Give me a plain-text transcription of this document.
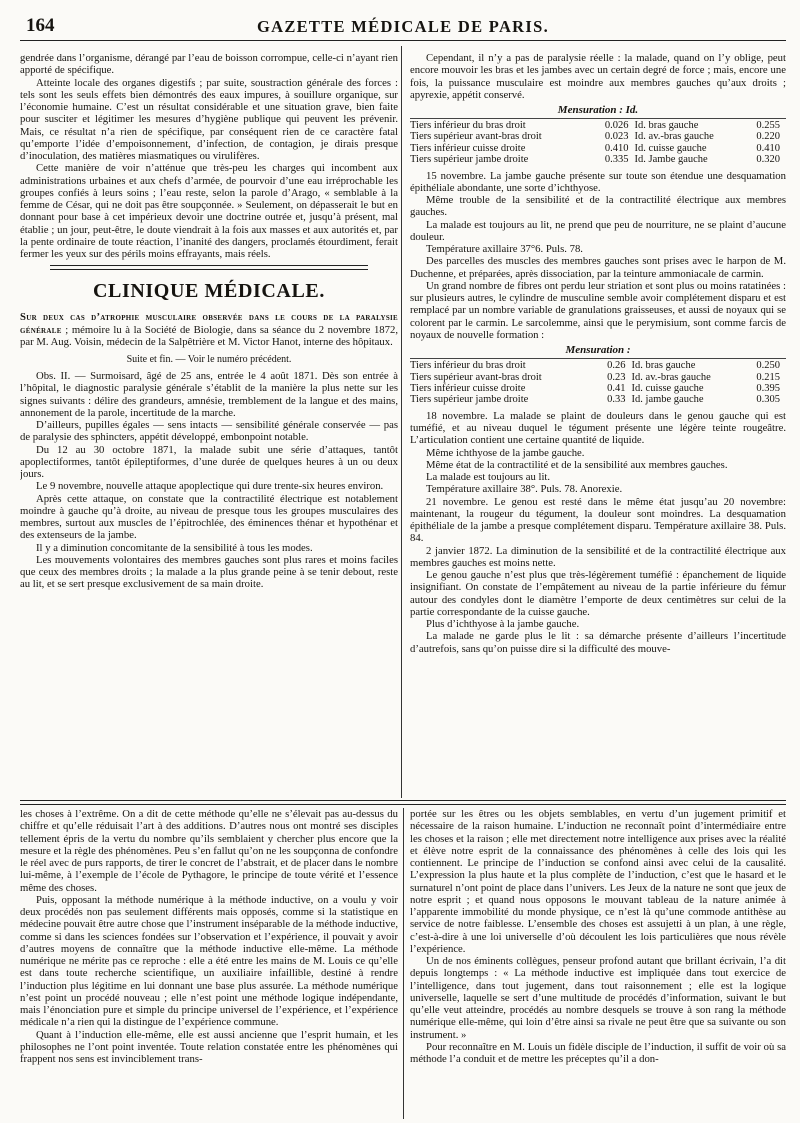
164	GAZETTE MÉDICALE DE PARIS.

gendrée dans l’organisme, dérangé par l’eau de boisson corrompue, celle-ci n’ayant rien apporté de spécifique.

Atteinte locale des organes digestifs ; par suite, soustraction générale des forces : tels sont les seuls effets bien démontrés des eaux impures, à souillure organique, sur l’économie humaine. C’est un résultat considérable et une situation grave, bien faite pour susciter et légitimer les mesures d’hygiène publique qui peuvent les prévenir. Mais, ce résultat n’a rien de spécifique, par conséquent rien de ce caractère fatal qu’emporte l’idée d’empoisonnement, d’infection, de contagion, je dirais presque d’inoculation, des matières miasmatiques ou virulifères.

Cette manière de voir n’atténue que très-peu les charges qui incombent aux administrations urbaines et aux chefs d’armée, de pourvoir d’une eau irréprochable les groupes confiés à leurs soins ; l’eau reste, selon la parole d’Arago, « semblable à la femme de César, qui ne doit pas être soupçonnée. » Seulement, on dépasserait le but en donnant pour base à cet impérieux devoir une doctrine outrée et, jusqu’à présent, mal établie ; un jour, peut-être, le doute viendrait à la fois aux masses et aux autorités et, par la pente ordinaire de toute réaction, l’inanité des dangers, proclamés étourdiment, ferait fermer les yeux sur des périls moins effrayants, mais réels.

CLINIQUE MÉDICALE.
Sur deux cas d’atrophie musculaire observée dans le cours de la paralysie générale ; mémoire lu à la Société de Biologie, dans sa séance du 2 novembre 1872, par M. Aug. Voisin, médecin de la Salpêtrière et M. Victor Hanot, interne des hôpitaux.
Suite et fin. — Voir le numéro précédent.

Obs. II. — Surmoisard, âgé de 25 ans, entrée le 4 août 1871. Dès son entrée à l’hôpital, le diagnostic paralysie générale s’établit de la manière la plus nette sur les signes suivants : délire des grandeurs, amnésie, tremblement de la langue et des mains, annonement de la parole, incertitude de la marche.

D’ailleurs, pupilles égales — sens intacts — sensibilité générale conservée — pas de paralysie des sphincters, appétit développé, embonpoint notable.

Du 12 au 30 octobre 1871, la malade subit une série d’attaques, tantôt apoplectiformes, tantôt épileptiformes, d’une durée de quelques heures à un ou deux jours.

Le 9 novembre, nouvelle attaque apoplectique qui dure trente-six heures environ.

Après cette attaque, on constate que la contractilité électrique est notablement moindre à gauche qu’à droite, au niveau de presque tous les groupes musculaires des membres, surtout aux muscles de l’épitrochlée, des éminences thénar et hypothénar et des extenseurs de la jambe.

Il y a diminution concomitante de la sensibilité à tous les modes.

Les mouvements volontaires des membres gauches sont plus rares et moins faciles que ceux des membres droits ; la malade a la plus grande peine à se tenir debout, reste au lit, et se sert presque exclusivement de sa main droite.

Cependant, il n’y a pas de paralysie réelle : la malade, quand on l’y oblige, peut encore mouvoir les bras et les jambes avec un certain degré de force ; mais, encore une fois, la puissance musculaire est moindre aux membres gauches qu’aux droits ; apyrexie, appétit conservé.

Mensuration : Id.
Tiers inférieur du bras droit	0.026	Id. bras gauche	0.255
Tiers supérieur avant-bras droit	0.023	Id. av.-bras gauche	0.220
Tiers inférieur cuisse droite	0.410	Id. cuisse gauche	0.410
Tiers supérieur jambe droite	0.335	Id. Jambe gauche	0.320

15 novembre. La jambe gauche présente sur toute son étendue une desquamation épithéliale abondante, une sorte d’ichthyose.

Même trouble de la sensibilité et de la contractilité électrique aux membres gauches.

La malade est toujours au lit, ne prend que peu de nourriture, ne se plaint d’aucune douleur.

Température axillaire 37°6. Puls. 78.

Des parcelles des muscles des membres gauches sont prises avec le harpon de M. Duchenne, et préparées, après dissociation, par la teinture ammoniacale de carmin.

Un grand nombre de fibres ont perdu leur striation et sont plus ou moins ratatinées : sur plusieurs autres, le cylindre de musculine semble avoir complétement disparu et est remplacé par un nombre variable de granulations graisseuses, et aussi de noyaux qui se colorent par le carmin. Le sarcolemme, ainsi que le perymisium, sont comme farcis de noyaux de nouvelle formation :

Mensuration :
Tiers inférieur du bras droit	0.26	Id. bras gauche	0.250
Tiers supérieur avant-bras droit	0.23	Id. av.-bras gauche	0.215
Tiers inférieur cuisse droite	0.41	Id. cuisse gauche	0.395
Tiers supérieur jambe droite	0.33	Id. jambe gauche	0.305

18 novembre. La malade se plaint de douleurs dans le genou gauche qui est tuméfié, et au niveau duquel le tégument présente une légère teinte rougeâtre. L’articulation contient une certaine quantité de liquide.

Même ichthyose de la jambe gauche.

Même état de la contractilité et de la sensibilité aux membres gauches.

La malade est toujours au lit.

Température axillaire 38°. Puls. 78. Anorexie.

21 novembre. Le genou est resté dans le même état jusqu’au 20 novembre: maintenant, la rougeur du tégument, la douleur sont moindres. La desquamation épithéliale de la jambe a presque complétement disparu. Température axillaire 38. Puls. 84.

2 janvier 1872. La diminution de la sensibilité et de la contractilité électrique aux membres gauches est moins nette.

Le genou gauche n’est plus que très-légèrement tuméfié : épanchement de liquide insignifiant. On constate de l’empâtement au niveau de la partie inférieure du fémur autour des condyles dont le diamètre l’emporte de deux centimètres sur celui de la partie correspondante de la cuisse gauche.

Plus d’ichthyose à la jambe gauche.

La malade ne garde plus le lit : sa démarche présente d’ailleurs l’incertitude d’autrefois, sans qu’on puisse dire si la difficulté des mouve-

les choses à l’extrême. On a dit de cette méthode qu’elle ne s’élevait pas au-dessus du chiffre et qu’elle réduisait l’art à des additions. D’autres nous ont montré ses disciples tellement épris de la vertu du nombre qu’ils semblaient y chercher plus encore que la mesure et la règle des phénomènes. Peu s’en fallut qu’on ne les soupçonna de confondre le réel avec de purs rapports, de tirer le concret de l’abstrait, et de placer dans le nombre lui-même, à l’exemple de l’école de Pythagore, le principe de toute vérité et l’essence même des choses.

Puis, opposant la méthode numérique à la méthode inductive, on a voulu y voir deux procédés non pas seulement différents mais opposés, comme si la statistique en médecine pouvait être autre chose que l’instrument inséparable de la méthode inductive, comme si dans les sciences fondées sur l’observation et l’expérience, il pouvait y avoir d’autres moyens de connaître que la méthode inductive elle-même. La méthode numérique ne mérite pas ce reproche : elle a été entre les mains de M. Louis ce qu’elle est dans toute recherche scientifique, un auxiliaire infaillible, destiné à rendre l’induction plus légitime en lui donnant une base plus assurée. La méthode numérique n’est point un procédé nouveau ; elle n’est point une méthode logique indépendante, mais l’énonciation pure et simple du principe universel de l’expérience, et l’expérience médicale n’a rien qui la distingue de l’expérience commune.

Quant à l’induction elle-même, elle est aussi ancienne que l’esprit humain, et les philosophes ne l’ont point inventée. Toute relation constatée entre les phénomènes qui frappent nos sens est invinciblement trans-

portée sur les êtres ou les objets semblables, en vertu d’un jugement primitif et nécessaire de la raison humaine. L’induction ne reconnaît point d’intermédiaire entre les choses et la raison ; elle met directement notre intelligence aux prises avec la réalité et élève notre esprit de la connaissance des phénomènes à celle des lois qui les contiennent. Le principe de l’induction se confond ainsi avec celui de la causalité. L’expression la plus haute et la plus complète de l’induction, c’est que le hasard et le surnaturel n’ont point de place dans l’univers. Les Jeux de la nature ne sont que jeux de notre esprit ; et quand nous opposons le mouvant tableau de la nature animée à l’apparente immobilité du monde physique, ce n’est là qu’une commode antithèse au service de notre faiblesse. L’ensemble des choses est assujetti à un plan, à une règle, c’est-à-dire à une loi universelle d’où découlent les lois particulières que nous révèle l’expérience.

Un de nos éminents collègues, penseur profond autant que brillant écrivain, l’a dit depuis longtemps : « La méthode inductive est impliquée dans tout exercice de l’intelligence, dans tout jugement, dans tout raisonnement ; elle est la logique universelle, laquelle se sert d’une multitude de procédés d’information, suivant le but qu’elle veut atteindre, procédés au nombre desquels se trouve à son rang la méthode numérique elle-même, qui loin d’être ainsi sa rivale ne peut être que sa suivante ou son instrument. »

Pour reconnaître en M. Louis un fidèle disciple de l’induction, il suffit de voir où sa méthode l’a conduit et de mettre les préceptes qu’il a don-
